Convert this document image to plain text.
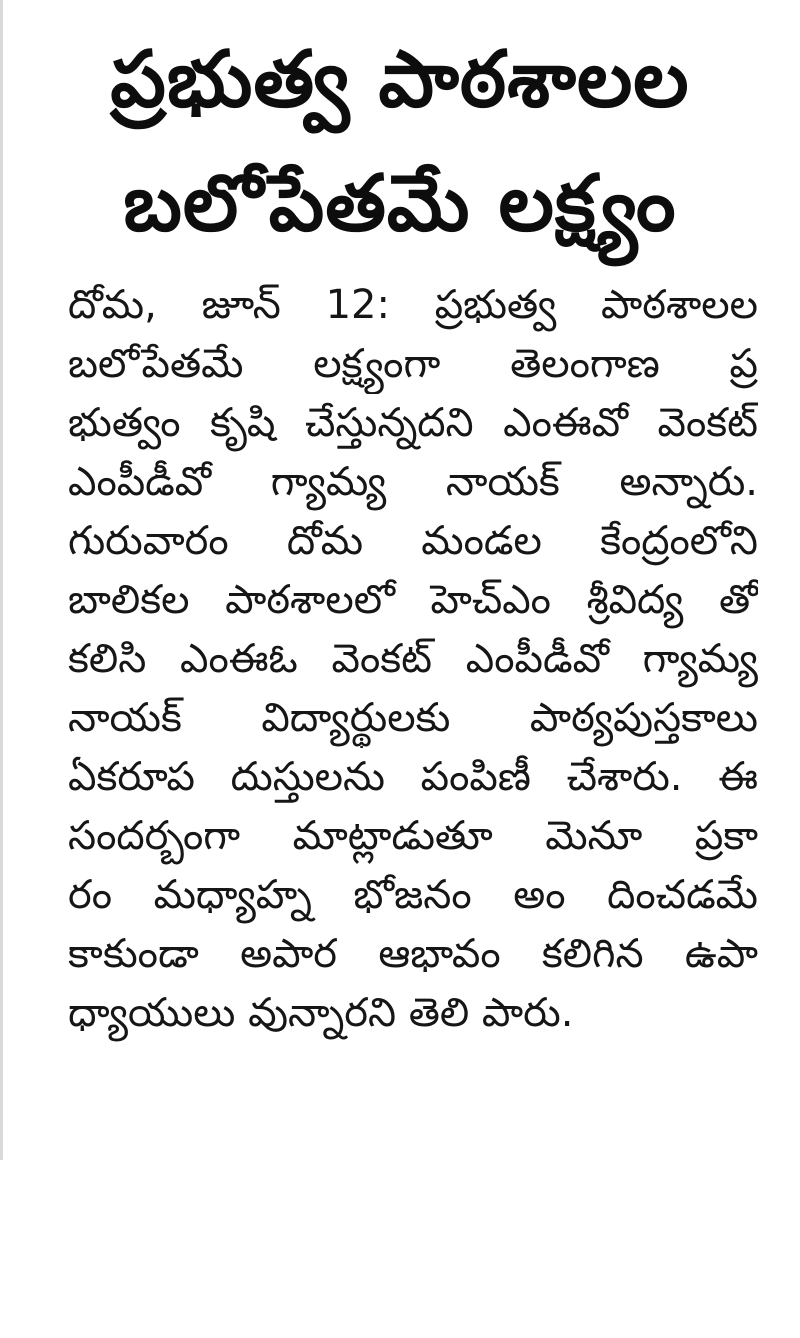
ప్రభుత్వ పాఠశాలల
బలోపేతమే లక్ష్యం
దోమ, జూన్ 12: ప్రభుత్వ పాఠశాలల
బలోపేతమే లక్ష్యంగా తెలంగాణ ప్ర
భుత్వం కృషి చేస్తున్నదని ఎంఈవో వెంకట్
ఎంపీడీవో గ్యామ్య నాయక్ అన్నారు.
గురువారం దోమ మండల కేంద్రంలోని
బాలికల పాఠశాలలో హెచ్ఎం శ్రీవిద్య తో
కలిసి ఎంఈఓ వెంకట్ ఎంపీడీవో గ్యామ్య
నాయక్ విద్యార్థులకు పాఠ్యపుస్తకాలు
ఏకరూప దుస్తులను పంపిణీ చేశారు. ఈ
సందర్బంగా మాట్లాడుతూ మెనూ ప్రకా
రం మధ్యాహ్న భోజనం అం దించడమే
కాకుండా అపార ఆభావం కలిగిన ఉపా
ధ్యాయులు వున్నారని తెలి పారు.
